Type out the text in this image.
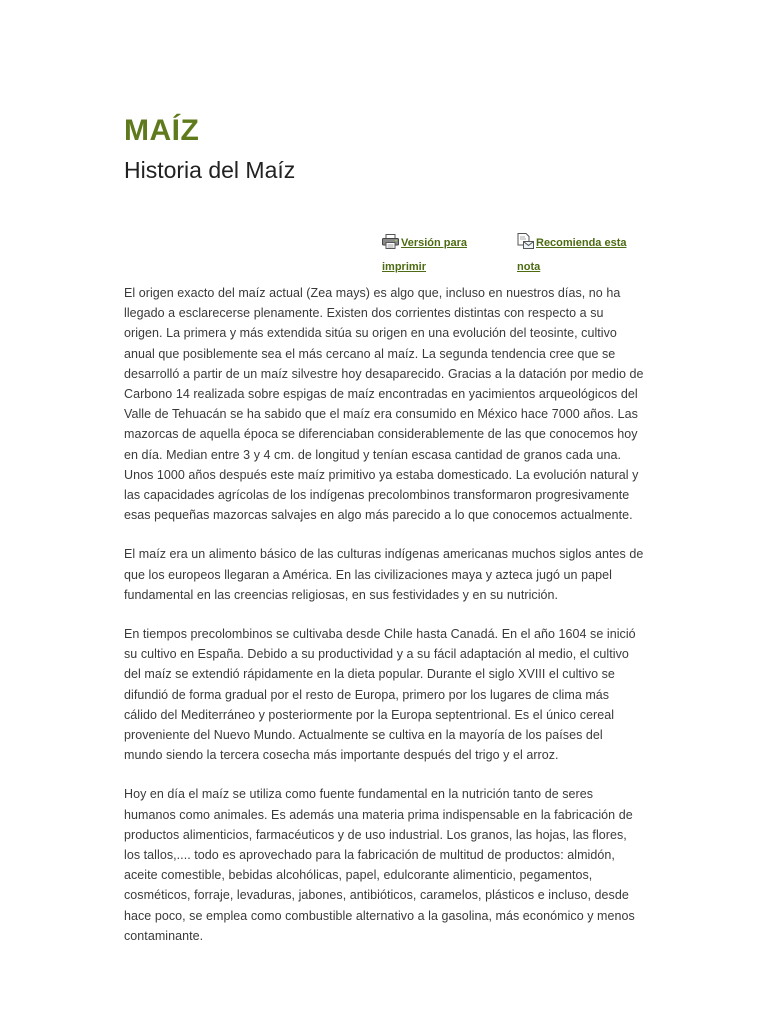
MAÍZ
Historia del Maíz
Versión para imprimir
Recomienda esta nota

El origen exacto del maíz actual (Zea mays) es algo que, incluso en nuestros días, no ha llegado a esclarecerse plenamente. Existen dos corrientes distintas con respecto a su origen. La primera y más extendida sitúa su origen en una evolución del teosinte, cultivo anual que posiblemente sea el más cercano al maíz. La segunda tendencia cree que se desarrolló a partir de un maíz silvestre hoy desaparecido. Gracias a la datación por medio de Carbono 14 realizada sobre espigas de maíz encontradas en yacimientos arqueológicos del Valle de Tehuacán se ha sabido que el maíz era consumido en México hace 7000 años. Las mazorcas de aquella época se diferenciaban considerablemente de las que conocemos hoy en día. Median entre 3 y 4 cm. de longitud y tenían escasa cantidad de granos cada una. Unos 1000 años después este maíz primitivo ya estaba domesticado. La evolución natural y las capacidades agrícolas de los indígenas precolombinos transformaron progresivamente esas pequeñas mazorcas salvajes en algo más parecido a lo que conocemos actualmente.

El maíz era un alimento básico de las culturas indígenas americanas muchos siglos antes de que los europeos llegaran a América. En las civilizaciones maya y azteca jugó un papel fundamental en las creencias religiosas, en sus festividades y en su nutrición.

En tiempos precolombinos se cultivaba desde Chile hasta Canadá. En el año 1604 se inició su cultivo en España. Debido a su productividad y a su fácil adaptación al medio, el cultivo del maíz se extendió rápidamente en la dieta popular. Durante el siglo XVIII el cultivo se difundió de forma gradual por el resto de Europa, primero por los lugares de clima más cálido del Mediterráneo y posteriormente por la Europa septentrional. Es el único cereal proveniente del Nuevo Mundo. Actualmente se cultiva en la mayoría de los países del mundo siendo la tercera cosecha más importante después del trigo y el arroz.

Hoy en día el maíz se utiliza como fuente fundamental en la nutrición tanto de seres humanos como animales. Es además una materia prima indispensable en la fabricación de productos alimenticios, farmacéuticos y de uso industrial. Los granos, las hojas, las flores, los tallos,.... todo es aprovechado para la fabricación de multitud de productos: almidón, aceite comestible, bebidas alcohólicas, papel, edulcorante alimenticio, pegamentos, cosméticos, forraje, levaduras, jabones, antibióticos, caramelos, plásticos e incluso, desde hace poco, se emplea como combustible alternativo a la gasolina, más económico y menos contaminante.
